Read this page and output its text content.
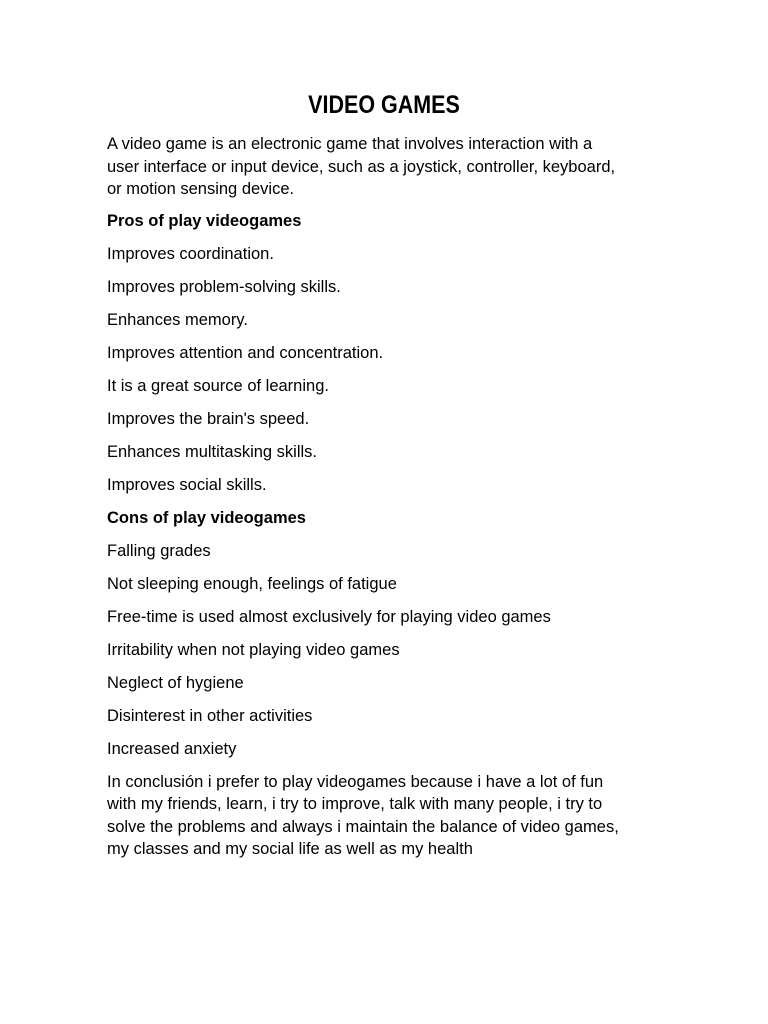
VIDEO GAMES
A video game is an electronic game that involves interaction with a
user interface or input device, such as a joystick, controller, keyboard,
or motion sensing device.
Pros of play videogames
Improves coordination.
Improves problem-solving skills.
Enhances memory.
Improves attention and concentration.
It is a great source of learning.
Improves the brain's speed.
Enhances multitasking skills.
Improves social skills.
Cons of play videogames
Falling grades
Not sleeping enough, feelings of fatigue
Free-time is used almost exclusively for playing video games
Irritability when not playing video games
Neglect of hygiene
Disinterest in other activities
Increased anxiety
In conclusión i prefer to play videogames because i have a lot of fun
with my friends, learn, i try to improve, talk with many people, i try to
solve the problems and always i maintain the balance of video games,
my classes and my social life as well as my health
